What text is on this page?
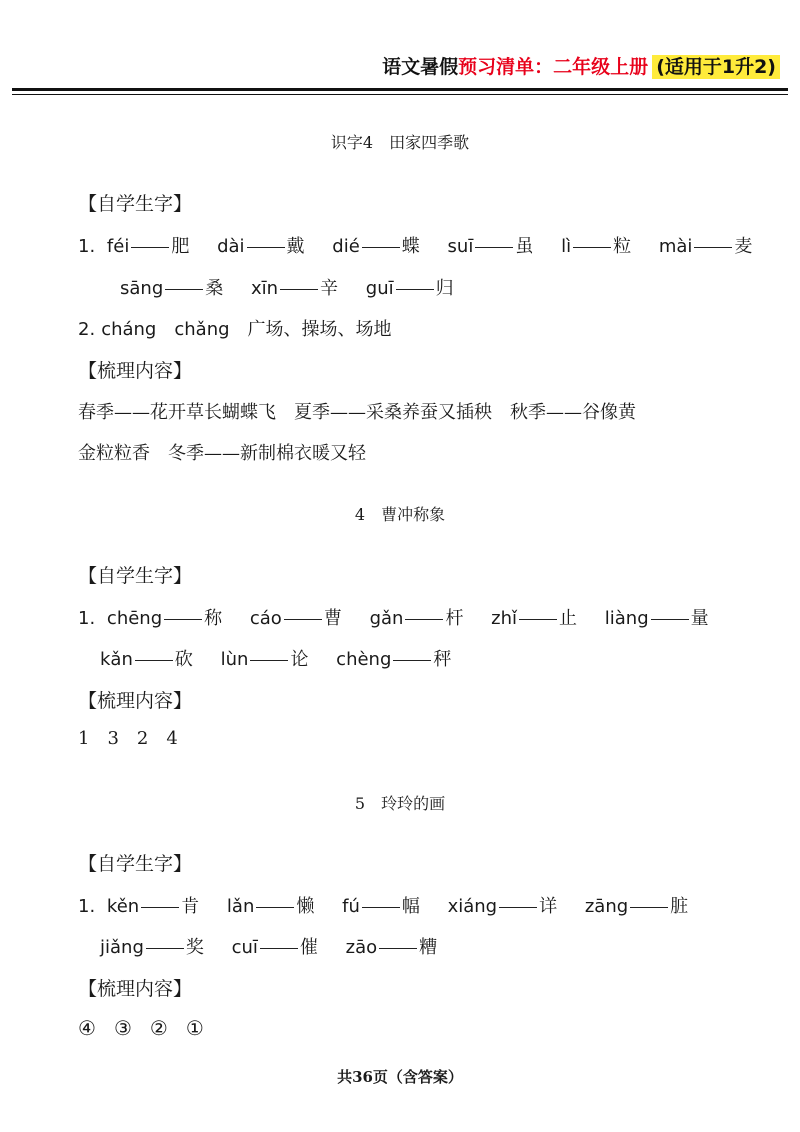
语文暑假预习清单：二年级上册 (适用于1升2)
识字4　田家四季歌
【自学生字】
1. féi 肥 dài 戴 dié 蝶 suī 虽 lì 粒 mài 麦
sāng 桑 xīn 辛 guī 归
2. cháng　chǎng　广场、操场、场地
【梳理内容】
春季——花开草长蝴蝶飞　夏季——采桑养蚕又插秧　秋季——谷像黄
金粒粒香　冬季——新制棉衣暖又轻
4　曹冲称象
【自学生字】
1. chēng 称 cáo 曹 gǎn 杆 zhǐ 止 liàng 量
kǎn 砍 lùn 论 chèng 秤
【梳理内容】
1 3 2 4
5　玲玲的画
【自学生字】
1. kěn 肯 lǎn 懒 fú 幅 xiáng 详 zāng 脏
jiǎng 奖 cuī 催 zāo 糟
【梳理内容】
④ ③ ② ①
共36页（含答案）
